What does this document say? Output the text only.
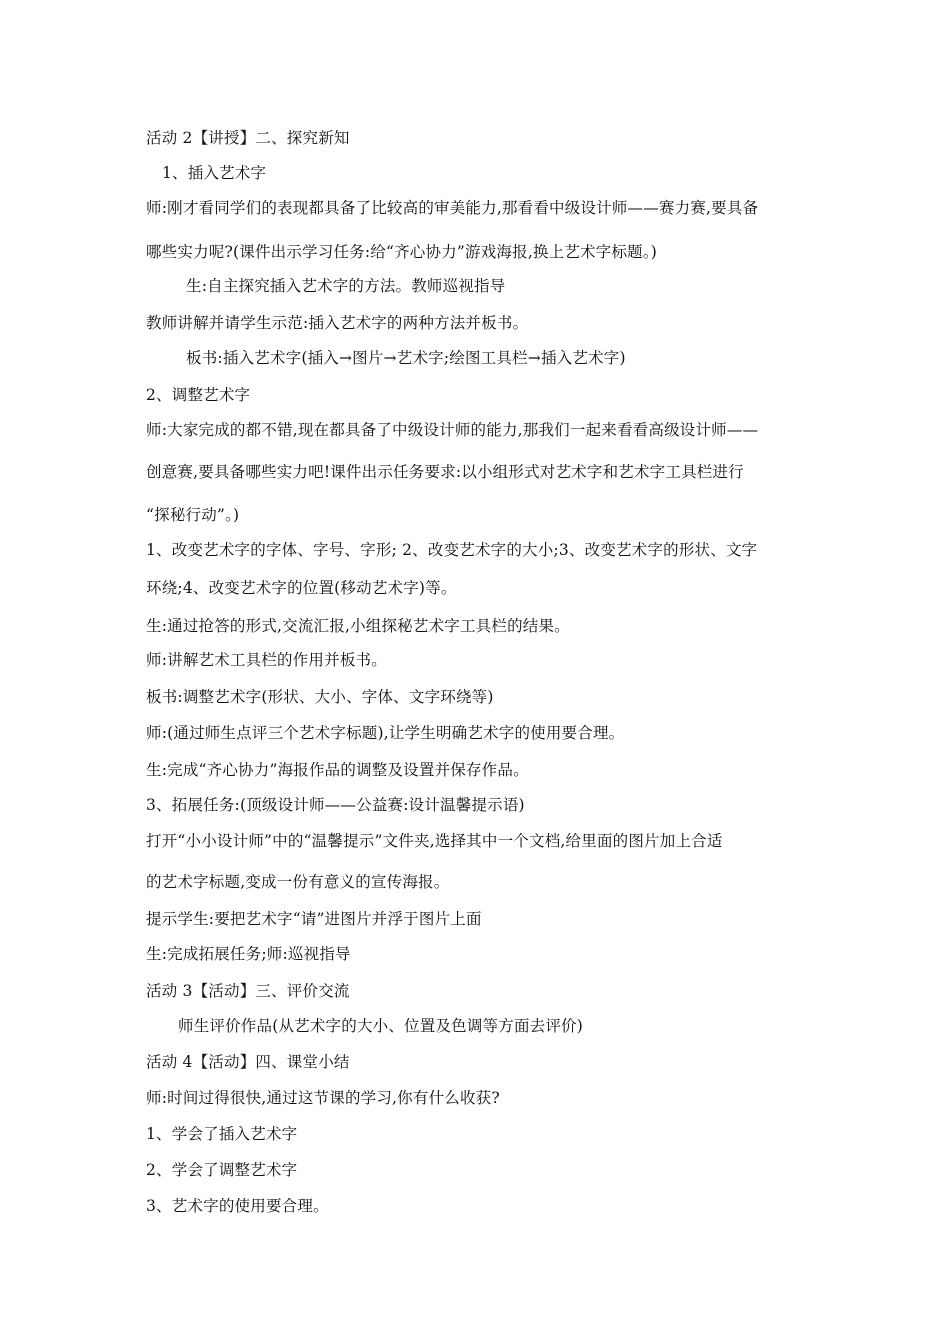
活动 2【讲授】二、探究新知
1、插入艺术字
师:刚才看同学们的表现都具备了比较高的审美能力,那看看中级设计师——赛力赛,要具备
哪些实力呢?(课件出示学习任务:给“齐心协力”游戏海报,换上艺术字标题。)
生:自主探究插入艺术字的方法。教师巡视指导
教师讲解并请学生示范:插入艺术字的两种方法并板书。
板书:插入艺术字(插入→图片→艺术字;绘图工具栏→插入艺术字)
2、调整艺术字
师:大家完成的都不错,现在都具备了中级设计师的能力,那我们一起来看看高级设计师——
创意赛,要具备哪些实力吧!课件出示任务要求:以小组形式对艺术字和艺术字工具栏进行
“探秘行动”。)
1、改变艺术字的字体、字号、字形; 2、改变艺术字的大小;3、改变艺术字的形状、文字
环绕;4、改变艺术字的位置(移动艺术字)等。
生:通过抢答的形式,交流汇报,小组探秘艺术字工具栏的结果。
师:讲解艺术工具栏的作用并板书。
板书:调整艺术字(形状、大小、字体、文字环绕等)
师:(通过师生点评三个艺术字标题),让学生明确艺术字的使用要合理。
生:完成“齐心协力”海报作品的调整及设置并保存作品。
3、拓展任务:(顶级设计师——公益赛:设计温馨提示语)
打开“小小设计师”中的“温馨提示”文件夹,选择其中一个文档,给里面的图片加上合适
的艺术字标题,变成一份有意义的宣传海报。
提示学生:要把艺术字“请”进图片并浮于图片上面
生:完成拓展任务;师:巡视指导
活动 3【活动】三、评价交流
师生评价作品(从艺术字的大小、位置及色调等方面去评价)
活动 4【活动】四、课堂小结
师:时间过得很快,通过这节课的学习,你有什么收获?
1、学会了插入艺术字
2、学会了调整艺术字
3、艺术字的使用要合理。
